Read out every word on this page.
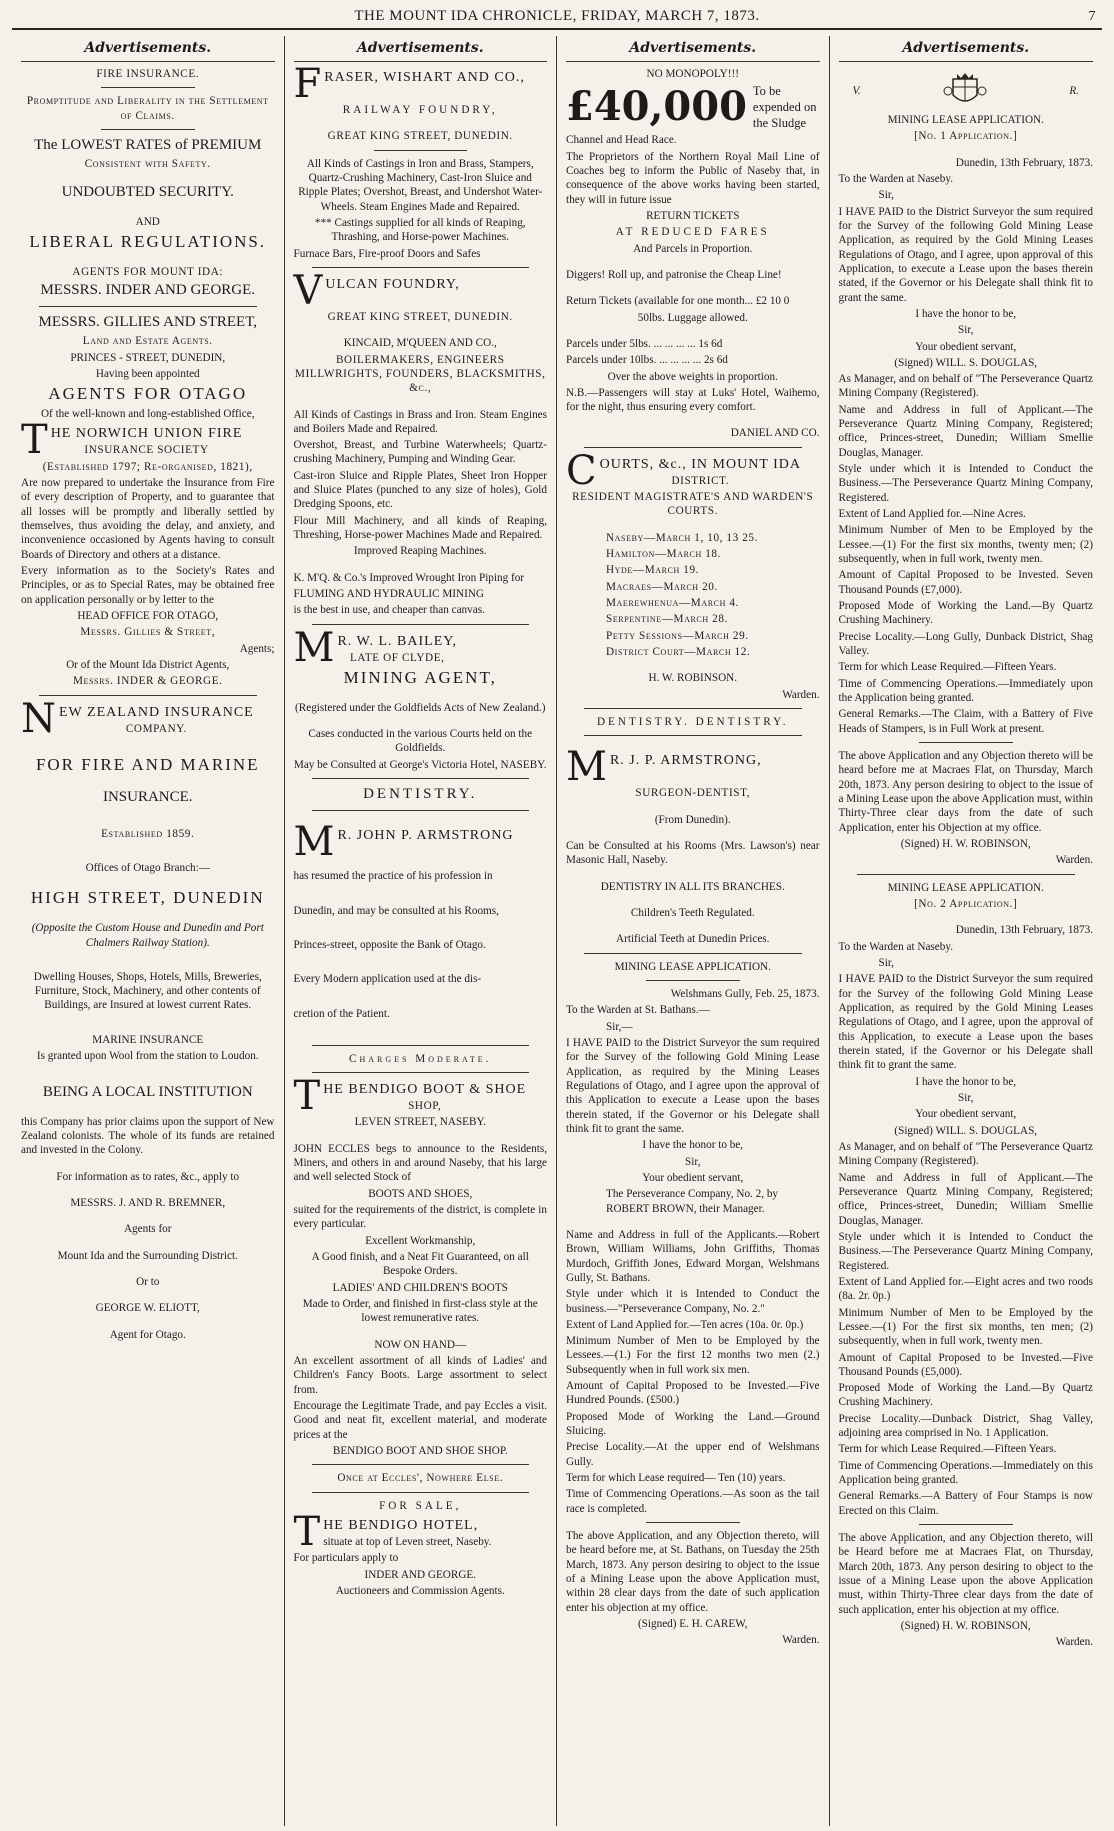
THE MOUNT IDA CHRONICLE, FRIDAY, MARCH 7, 1873.	7
Advertisements.

FIRE INSURANCE.

Promptitude and Liberality in the Settlement of Claims.

The LOWEST RATES of PREMIUM

Consistent with Safety.

UNDOUBTED SECURITY.

AND

LIBERAL REGULATIONS.

AGENTS FOR MOUNT IDA:

MESSRS. INDER AND GEORGE.

MESSRS. GILLIES AND STREET,

Land and Estate Agents.

PRINCES - STREET, DUNEDIN,

Having been appointed

AGENTS FOR OTAGO

Of the well-known and long-established Office,

T HE NORWICH UNION FIRE
INSURANCE SOCIETY

(Established 1797; Re-organised, 1821),

Are now prepared to undertake the Insurance from Fire of every description of Property, and to guarantee that all losses will be promptly and liberally settled by themselves, thus avoiding the delay, and anxiety, and inconvenience occasioned by Agents having to consult Boards of Directory and others at a distance.

Every information as to the Society's Rates and Principles, or as to Special Rates, may be obtained free on application personally or by letter to the

HEAD OFFICE FOR OTAGO,

Messrs. Gillies & Street,

Agents;

Or of the Mount Ida District Agents,

Messrs. INDER & GEORGE.

N EW ZEALAND INSURANCE
COMPANY.

FOR FIRE AND MARINE

INSURANCE.

Established 1859.

Offices of Otago Branch:—

HIGH STREET, DUNEDIN

(Opposite the Custom House and Dunedin and Port Chalmers Railway Station).

Dwelling Houses, Shops, Hotels, Mills, Breweries, Furniture, Stock, Machinery, and other contents of Buildings, are Insured at lowest current Rates.

MARINE INSURANCE

Is granted upon Wool from the station to Loudon.

BEING A LOCAL INSTITUTION

this Company has prior claims upon the support of New Zealand colonists. The whole of its funds are retained and invested in the Colony.

For information as to rates, &c., apply to

MESSRS. J. AND R. BREMNER,

Agents for

Mount Ida and the Surrounding District.

Or to

GEORGE W. ELIOTT,

Agent for Otago.

Advertisements.
F RASER, WISHART AND CO.,

RAILWAY FOUNDRY,

GREAT KING STREET, DUNEDIN.

All Kinds of Castings in Iron and Brass, Stampers, Quartz-Crushing Machinery, Cast-Iron Sluice and Ripple Plates; Overshot, Breast, and Undershot Water-Wheels. Steam Engines Made and Repaired.

*** Castings supplied for all kinds of Reaping, Thrashing, and Horse-power Machines.

Furnace Bars, Fire-proof Doors and Safes

V ULCAN FOUNDRY,

GREAT KING STREET, DUNEDIN.

KINCAID, M'QUEEN AND CO.,

BOILERMAKERS, ENGINEERS MILLWRIGHTS, FOUNDERS, BLACKSMITHS, &c.,

All Kinds of Castings in Brass and Iron. Steam Engines and Boilers Made and Repaired.

Overshot, Breast, and Turbine Waterwheels; Quartz-crushing Machinery, Pumping and Winding Gear.

Cast-iron Sluice and Ripple Plates, Sheet Iron Hopper and Sluice Plates (punched to any size of holes), Gold Dredging Spoons, etc.

Flour Mill Machinery, and all kinds of Reaping, Threshing, Horse-power Machines Made and Repaired.

Improved Reaping Machines.

K. M'Q. & Co.'s Improved Wrought Iron Piping for

FLUMING AND HYDRAULIC MINING

is the best in use, and cheaper than canvas.

M R. W. L. BAILEY,
LATE OF CLYDE,

MINING AGENT,

(Registered under the Goldfields Acts of New Zealand.)

Cases conducted in the various Courts held on the Goldfields.

May be Consulted at George's Victoria Hotel, NASEBY.

DENTISTRY.

M R. JOHN P. ARMSTRONG

has resumed the practice of his profession in

Dunedin, and may be consulted at his Rooms,

Princes-street, opposite the Bank of Otago.

Every Modern application used at the dis-

cretion of the Patient.

Charges Moderate.

T HE BENDIGO BOOT & SHOE
SHOP,

LEVEN STREET, NASEBY.

JOHN ECCLES begs to announce to the Residents, Miners, and others in and around Naseby, that his large and well selected Stock of

BOOTS AND SHOES,

suited for the requirements of the district, is complete in every particular.

Excellent Workmanship,

A Good finish, and a Neat Fit Guaranteed, on all Bespoke Orders.

LADIES' AND CHILDREN'S BOOTS

Made to Order, and finished in first-class style at the lowest remunerative rates.

NOW ON HAND—

An excellent assortment of all kinds of Ladies' and Children's Fancy Boots. Large assortment to select from.

Encourage the Legitimate Trade, and pay Eccles a visit. Good and neat fit, excellent material, and moderate prices at the

BENDIGO BOOT AND SHOE SHOP.

Once at Eccles', Nowhere Else.

FOR SALE,

T HE BENDIGO HOTEL,
situate at top of Leven street, Naseby.

For particulars apply to

INDER AND GEORGE.

Auctioneers and Commission Agents.

Advertisements.

NO MONOPOLY!!!

£40,000 To be expended on the Sludge

Channel and Head Race.

The Proprietors of the Northern Royal Mail Line of Coaches beg to inform the Public of Naseby that, in consequence of the above works having been started, they will in future issue

RETURN TICKETS

AT REDUCED FARES

And Parcels in Proportion.

Diggers! Roll up, and patronise the Cheap Line!

Return Tickets (available for one month... £2 10 0

50lbs. Luggage allowed.

Parcels under 5lbs. ... ... ... ... 1s 6d

Parcels under 10lbs. ... ... ... ... 2s 6d

Over the above weights in proportion.

N.B.—Passengers will stay at Luks' Hotel, Waihemo, for the night, thus ensuring every comfort.

DANIEL AND CO.

C OURTS, &c., IN MOUNT IDA
DISTRICT.

RESIDENT MAGISTRATE'S AND WARDEN'S COURTS.

Naseby—March 1, 10, 13 25.

Hamilton—March 18.

Hyde—March 19.

Macraes—March 20.

Maerewhenua—March 4.

Serpentine—March 28.

Petty Sessions—March 29.

District Court—March 12.

H. W. ROBINSON.

Warden.

DENTISTRY. DENTISTRY.

M R. J. P. ARMSTRONG,

SURGEON-DENTIST,

(From Dunedin).

Can be Consulted at his Rooms (Mrs. Lawson's) near Masonic Hall, Naseby.

DENTISTRY IN ALL ITS BRANCHES.

Children's Teeth Regulated.

Artificial Teeth at Dunedin Prices.

MINING LEASE APPLICATION.

Welshmans Gully, Feb. 25, 1873.

To the Warden at St. Bathans.—

Sir,—

I HAVE PAID to the District Surveyor the sum required for the Survey of the following Gold Mining Lease Application, as required by the Mining Leases Regulations of Otago, and I agree upon the approval of this Application to execute a Lease upon the bases therein stated, if the Governor or his Delegate shall think fit to grant the same.

I have the honor to be,

Sir,

Your obedient servant,

The Perseverance Company, No. 2, by ROBERT BROWN, their Manager.

Name and Address in full of the Applicants.—Robert Brown, William Williams, John Griffiths, Thomas Murdoch, Griffith Jones, Edward Morgan, Welshmans Gully, St. Bathans.

Style under which it is Intended to Conduct the business.—"Perseverance Company, No. 2."

Extent of Land Applied for.—Ten acres (10a. 0r. 0p.)

Minimum Number of Men to be Employed by the Lessees.—(1.) For the first 12 months two men (2.) Subsequently when in full work six men.

Amount of Capital Proposed to be Invested.—Five Hundred Pounds. (£500.)

Proposed Mode of Working the Land.—Ground Sluicing.

Precise Locality.—At the upper end of Welshmans Gully.

Term for which Lease required— Ten (10) years.

Time of Commencing Operations.—As soon as the tail race is completed.

The above Application, and any Objection thereto, will be heard before me, at St. Bathans, on Tuesday the 25th March, 1873. Any person desiring to object to the issue of a Mining Lease upon the above Application must, within 28 clear days from the date of such application enter his objection at my office.

(Signed) E. H. CAREW,

Warden.

Advertisements.
V.	R.

MINING LEASE APPLICATION.

[No. 1 Application.]

Dunedin, 13th February, 1873.

To the Warden at Naseby.

Sir,

I HAVE PAID to the District Surveyor the sum required for the Survey of the following Gold Mining Lease Application, as required by the Gold Mining Leases Regulations of Otago, and I agree, upon approval of this Application, to execute a Lease upon the bases therein stated, if the Governor or his Delegate shall think fit to grant the same.

I have the honor to be,

Sir,

Your obedient servant,

(Signed) WILL. S. DOUGLAS,

As Manager, and on behalf of "The Perseverance Quartz Mining Company (Registered).

Name and Address in full of Applicant.—The Perseverance Quartz Mining Company, Registered; office, Princes-street, Dunedin; William Smellie Douglas, Manager.

Style under which it is Intended to Conduct the Business.—The Perseverance Quartz Mining Company, Registered.

Extent of Land Applied for.—Nine Acres.

Minimum Number of Men to be Employed by the Lessee.—(1) For the first six months, twenty men; (2) subsequently, when in full work, twenty men.

Amount of Capital Proposed to be Invested. Seven Thousand Pounds (£7,000).

Proposed Mode of Working the Land.—By Quartz Crushing Machinery.

Precise Locality.—Long Gully, Dunback District, Shag Valley.

Term for which Lease Required.—Fifteen Years.

Time of Commencing Operations.—Immediately upon the Application being granted.

General Remarks.—The Claim, with a Battery of Five Heads of Stampers, is in Full Work at present.

The above Application and any Objection thereto will be heard before me at Macraes Flat, on Thursday, March 20th, 1873. Any person desiring to object to the issue of a Mining Lease upon the above Application must, within Thirty-Three clear days from the date of such Application, enter his Objection at my office.

(Signed) H. W. ROBINSON,

Warden.

MINING LEASE APPLICATION.

[No. 2 Application.]

Dunedin, 13th February, 1873.

To the Warden at Naseby.

Sir,

I HAVE PAID to the District Surveyor the sum required for the Survey of the following Gold Mining Lease Application, as required by the Gold Mining Leases Regulations of Otago, and I agree, upon the approval of this Application, to execute a Lease upon the bases therein stated, if the Governor or his Delegate shall think fit to grant the same.

I have the honor to be,

Sir,

Your obedient servant,

(Signed) WILL. S. DOUGLAS,

As Manager, and on behalf of "The Perseverance Quartz Mining Company (Registered).

Name and Address in full of Applicant.—The Perseverance Quartz Mining Company, Registered; office, Princes-street, Dunedin; William Smellie Douglas, Manager.

Style under which it is Intended to Conduct the Business.—The Perseverance Quartz Mining Company, Registered.

Extent of Land Applied for.—Eight acres and two roods (8a. 2r. 0p.)

Minimum Number of Men to be Employed by the Lessee.—(1) For the first six months, ten men; (2) subsequently, when in full work, twenty men.

Amount of Capital Proposed to be Invested.—Five Thousand Pounds (£5,000).

Proposed Mode of Working the Land.—By Quartz Crushing Machinery.

Precise Locality.—Dunback District, Shag Valley, adjoining area comprised in No. 1 Application.

Term for which Lease Required.—Fifteen Years.

Time of Commencing Operations.—Immediately on this Application being granted.

General Remarks.—A Battery of Four Stamps is now Erected on this Claim.

The above Application, and any Objection thereto, will be Heard before me at Macraes Flat, on Thursday, March 20th, 1873. Any person desiring to object to the issue of a Mining Lease upon the above Application must, within Thirty-Three clear days from the date of such application, enter his objection at my office.

(Signed) H. W. ROBINSON,

Warden.
